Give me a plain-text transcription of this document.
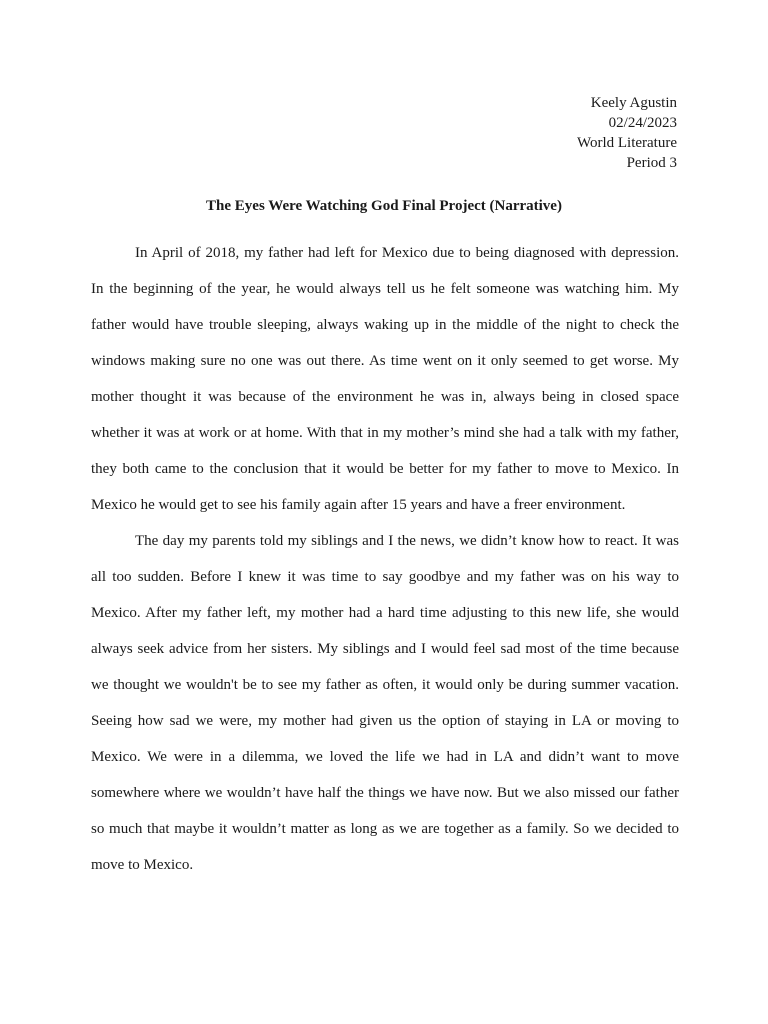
Keely Agustin
02/24/2023
World Literature
Period 3
The Eyes Were Watching God Final Project (Narrative)
In April of 2018, my father had left for Mexico due to being diagnosed with depression.
In the beginning of the year, he would always tell us he felt someone was watching him. My
father would have trouble sleeping, always waking up in the middle of the night to check the
windows making sure no one was out there. As time went on it only seemed to get worse. My
mother thought it was because of the environment he was in, always being in closed space
whether it was at work or at home. With that in my mother’s mind she had a talk with my father,
they both came to the conclusion that it would be better for my father to move to Mexico. In
Mexico he would get to see his family again after 15 years and have a freer environment.
The day my parents told my siblings and I the news, we didn’t know how to react. It was
all too sudden. Before I knew it was time to say goodbye and my father was on his way to
Mexico. After my father left, my mother had a hard time adjusting to this new life, she would
always seek advice from her sisters. My siblings and I would feel sad most of the time because
we thought we wouldn't be to see my father as often, it would only be during summer vacation.
Seeing how sad we were, my mother had given us the option of staying in LA or moving to
Mexico. We were in a dilemma, we loved the life we had in LA and didn’t want to move
somewhere where we wouldn’t have half the things we have now. But we also missed our father
so much that maybe it wouldn’t matter as long as we are together as a family. So we decided to
move to Mexico.
